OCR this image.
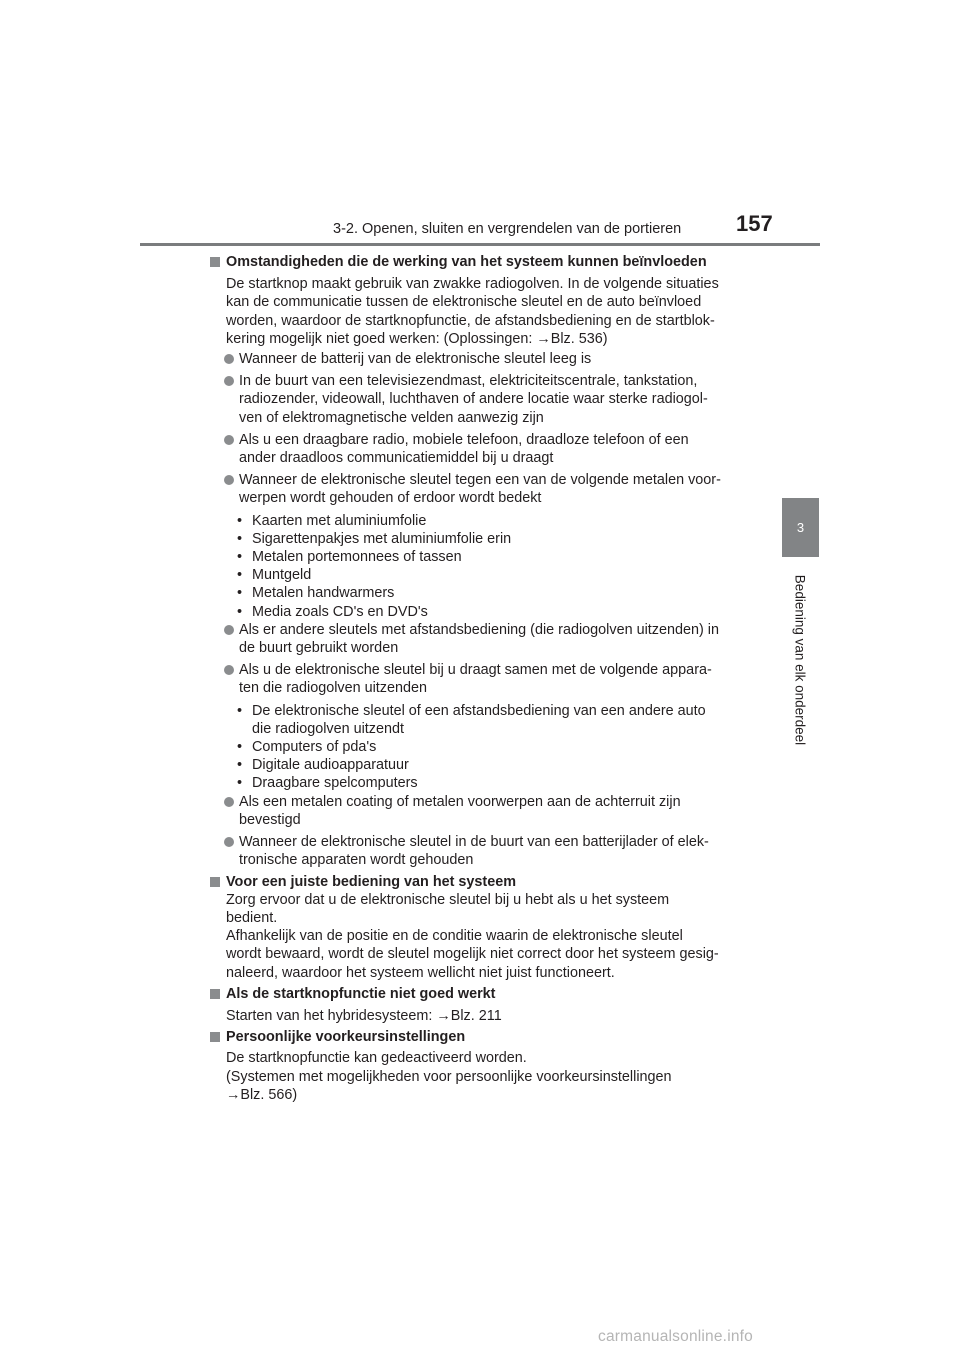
3-2. Openen, sluiten en vergrendelen van de portieren 157
3
Bediening van elk onderdeel
Omstandigheden die de werking van het systeem kunnen beïnvloeden
De startknop maakt gebruik van zwakke radiogolven. In de volgende situaties
kan de communicatie tussen de elektronische sleutel en de auto beïnvloed
worden, waardoor de startknopfunctie, de afstandsbediening en de startblok-
kering mogelijk niet goed werken: (Oplossingen: →Blz. 536)
Wanneer de batterij van de elektronische sleutel leeg is
In de buurt van een televisiezendmast, elektriciteitscentrale, tankstation,
radiozender, videowall, luchthaven of andere locatie waar sterke radiogol-
ven of elektromagnetische velden aanwezig zijn
Als u een draagbare radio, mobiele telefoon, draadloze telefoon of een
ander draadloos communicatiemiddel bij u draagt
Wanneer de elektronische sleutel tegen een van de volgende metalen voor-
werpen wordt gehouden of erdoor wordt bedekt
• Kaarten met aluminiumfolie
• Sigarettenpakjes met aluminiumfolie erin
• Metalen portemonnees of tassen
• Muntgeld
• Metalen handwarmers
• Media zoals CD's en DVD's
Als er andere sleutels met afstandsbediening (die radiogolven uitzenden) in
de buurt gebruikt worden
Als u de elektronische sleutel bij u draagt samen met de volgende appara-
ten die radiogolven uitzenden
• De elektronische sleutel of een afstandsbediening van een andere auto
die radiogolven uitzendt
• Computers of pda's
• Digitale audioapparatuur
• Draagbare spelcomputers
Als een metalen coating of metalen voorwerpen aan de achterruit zijn
bevestigd
Wanneer de elektronische sleutel in de buurt van een batterijlader of elek-
tronische apparaten wordt gehouden
Voor een juiste bediening van het systeem
Zorg ervoor dat u de elektronische sleutel bij u hebt als u het systeem
bedient.
Afhankelijk van de positie en de conditie waarin de elektronische sleutel
wordt bewaard, wordt de sleutel mogelijk niet correct door het systeem gesig-
naleerd, waardoor het systeem wellicht niet juist functioneert.
Als de startknopfunctie niet goed werkt
Starten van het hybridesysteem: →Blz. 211
Persoonlijke voorkeursinstellingen
De startknopfunctie kan gedeactiveerd worden.
(Systemen met mogelijkheden voor persoonlijke voorkeursinstellingen
→Blz. 566)
carmanualsonline.info
